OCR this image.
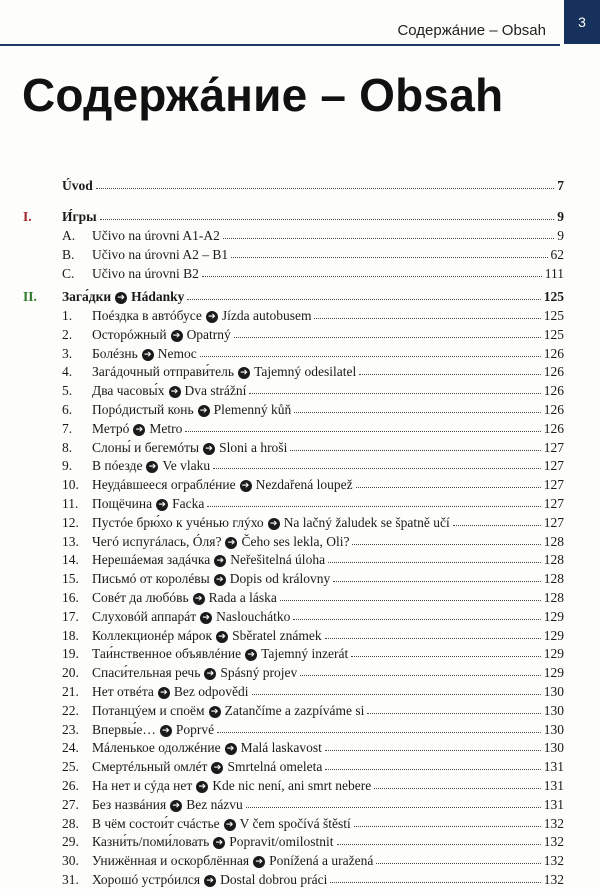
Содержа́ние – Obsah	3
Содержа́ние – Obsah
Úvod	7
I. И́гры	9
A. Učivo na úrovni A1-A2	9
B. Učivo na úrovni A2 – B1	62
C. Učivo na úrovni B2	111
II. Зага́дки ➔ Hádanky	125
1. Поéздка в автóбусе ➔ Jízda autobusem	125
2. Осторóжный ➔ Opatrný	125
3. Болéзнь ➔ Nemoc	126
4. Загáдочный отправи́тель ➔ Tajemný odesilatel	126
5. Два часовы́х ➔ Dva strážní	126
6. Порóдистый конь ➔ Plemenný kůň	126
7. Метрó ➔ Metro	126
8. Слоны́ и бегемóты ➔ Sloni a hroši	127
9. В пóезде ➔ Ve vlaku	127
10. Неудáвшееся ограблéние ➔ Nezdařená loupež	127
11. Пощёчина ➔ Facka	127
12. Пустóе брю́хо к учéнью глýхо ➔ Na lačný žaludek se špatně učí	127
13. Чегó испугáлась, Óля? ➔ Čeho ses lekla, Oli?	128
14. Нерешáемая задáчка ➔ Neřešitelná úloha	128
15. Письмó от королéвы ➔ Dopis od královny	128
16. Совéт да любóвь ➔ Rada a láska	128
17. Слуховóй аппарáт ➔ Naslouchátko	129
18. Коллекционéр мáрок ➔ Sběratel známek	129
19. Таи́нственное объявлéние ➔ Tajemný inzerát	129
20. Спаси́тельная речь ➔ Spásný projev	129
21. Нет отвéта ➔ Bez odpovědi	130
22. Потанцýем и споём ➔ Zatančíme a zazpíváme si	130
23. Впервы́е… ➔ Poprvé	130
24. Мáленькое одолжéние ➔ Malá laskavost	130
25. Смертéльный омлéт ➔ Smrtelná omeleta	131
26. На нет и сýда нет ➔ Kde nic není, ani smrt nebere	131
27. Без назвáния ➔ Bez názvu	131
28. В чём состои́т счáстье ➔ V čem spočívá štěstí	132
29. Казни́ть/поми́ловать ➔ Popravit/omilostnit	132
30. Унижённая и оскорблённая ➔ Ponížená a uražená	132
31. Хорошó устрóился ➔ Dostal dobrou práci	132
